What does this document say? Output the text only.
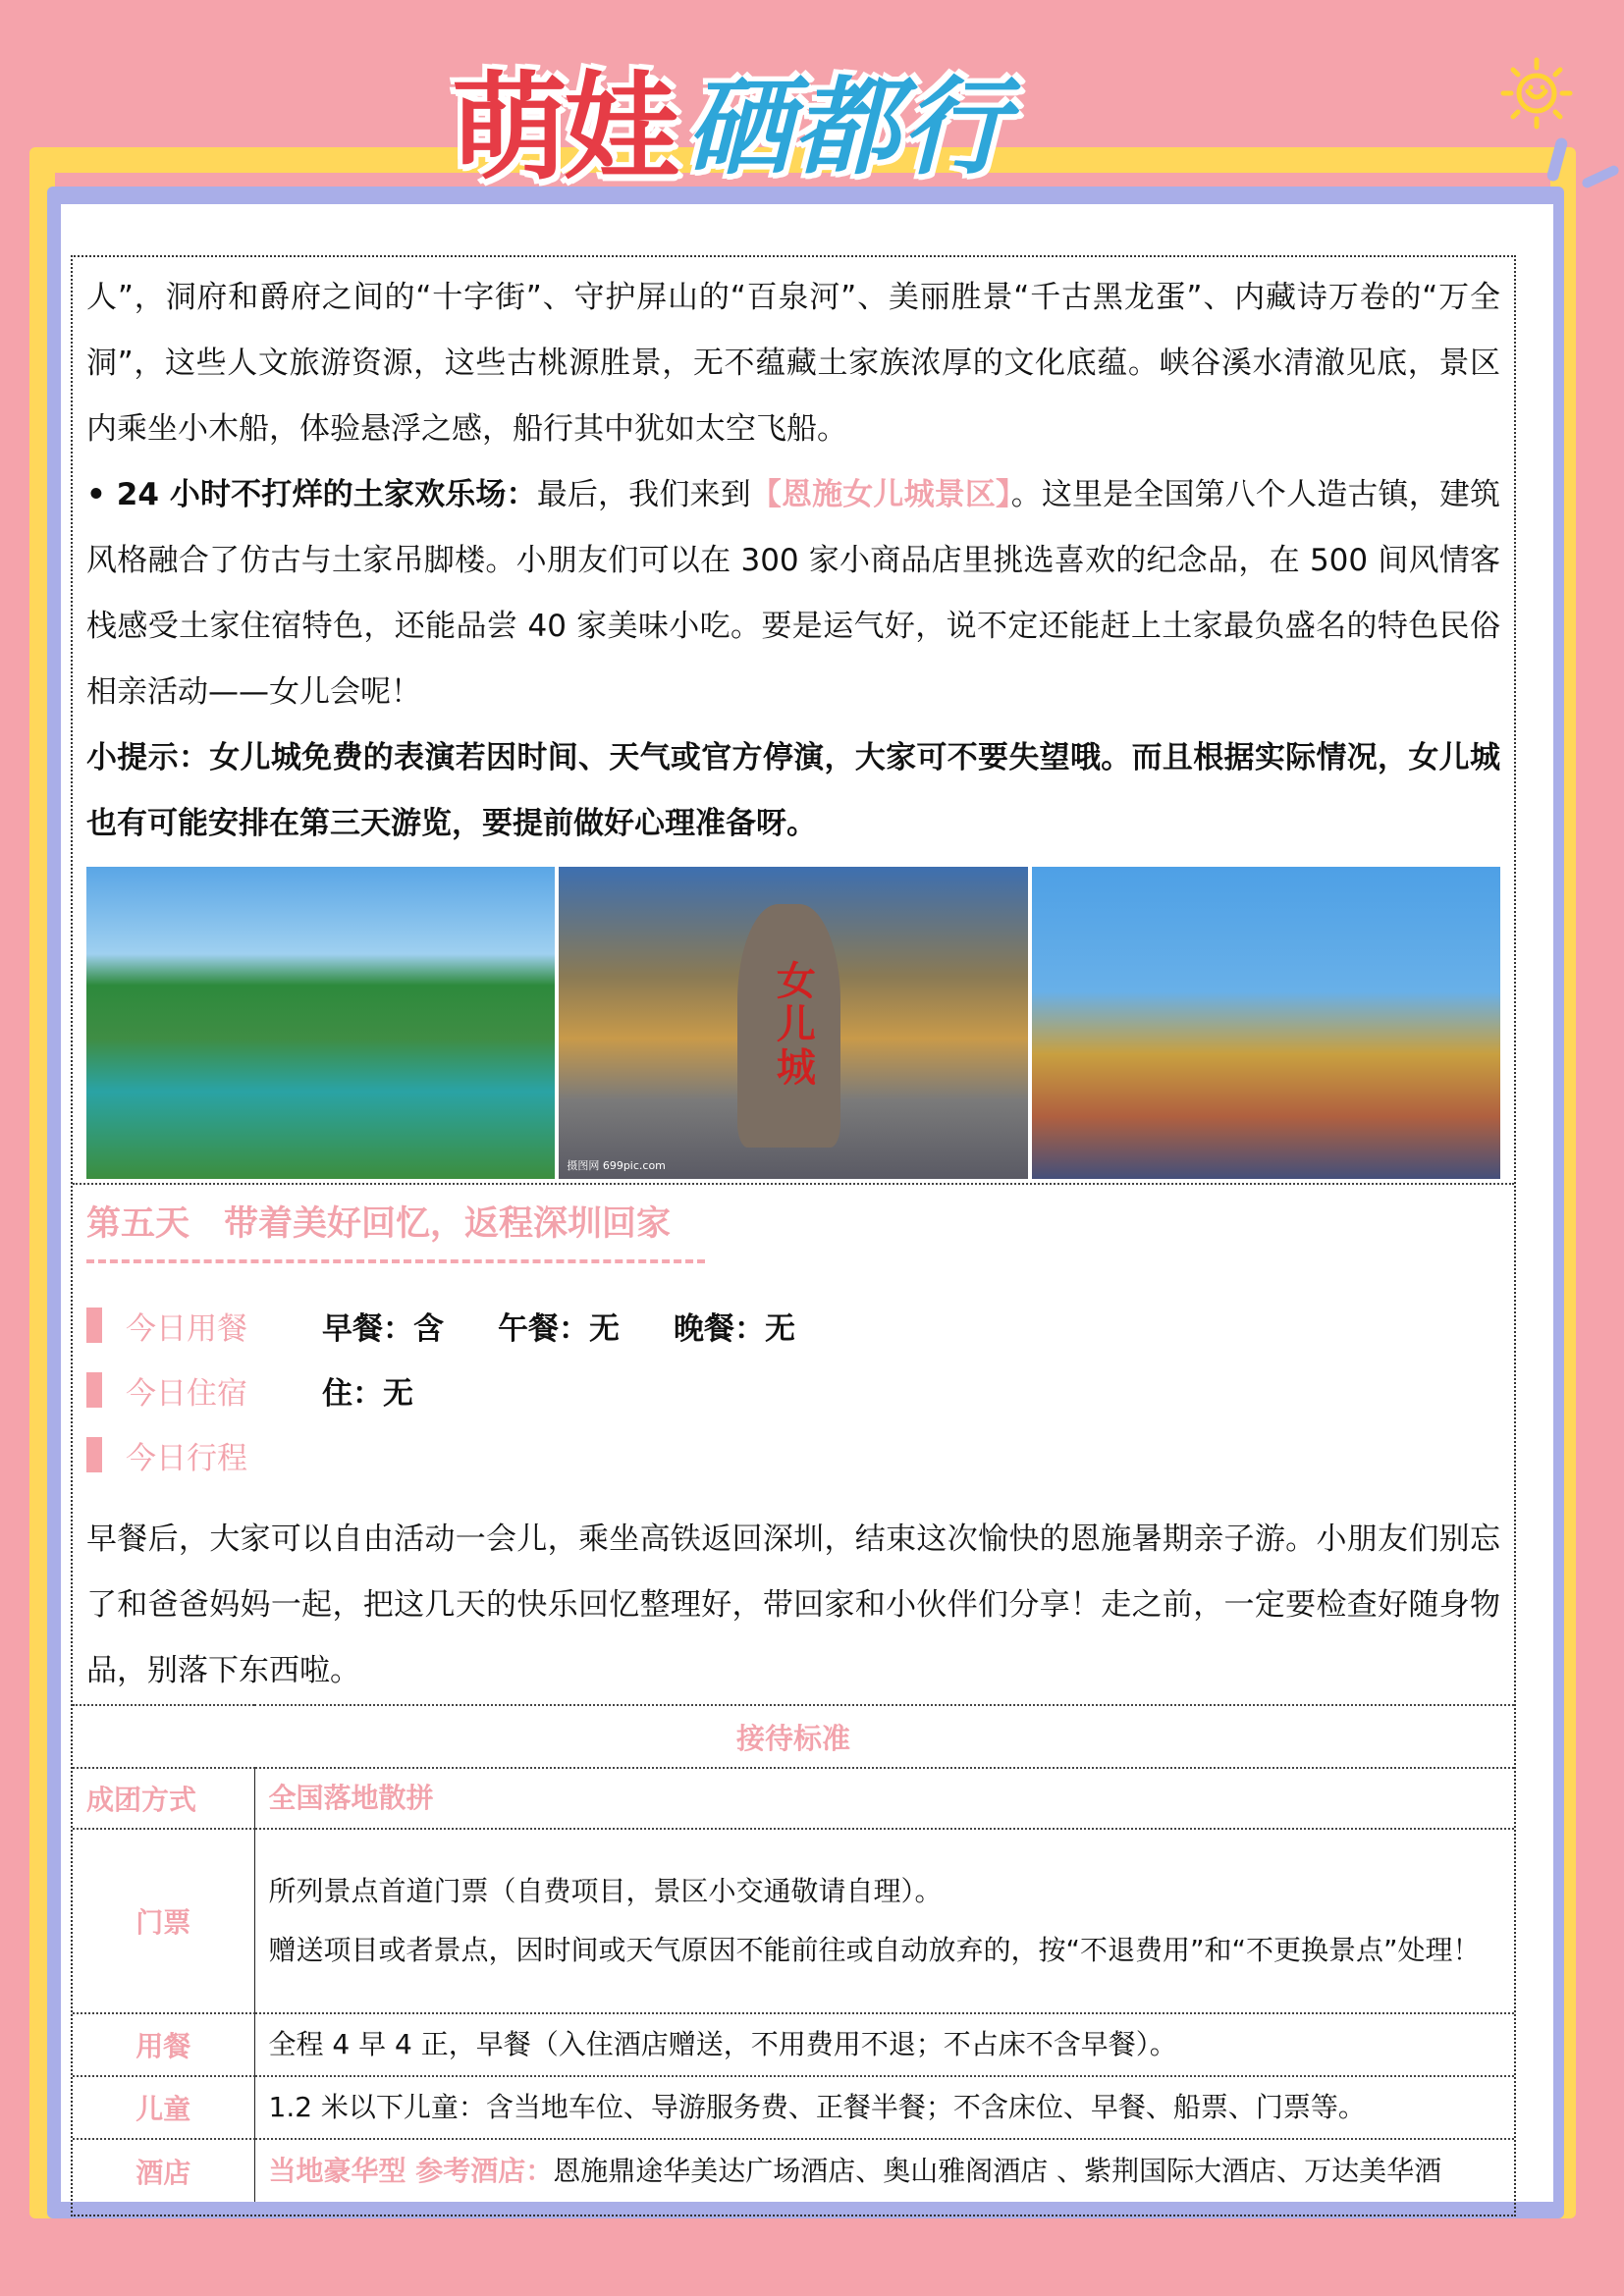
萌娃 硒都行
人”，洞府和爵府之间的“十字街”、守护屏山的“百泉河”、美丽胜景“千古黑龙蛋”、内藏诗万卷的“万全洞”，这些人文旅游资源，这些古桃源胜景，无不蕴藏土家族浓厚的文化底蕴。峡谷溪水清澈见底，景区内乘坐小木船，体验悬浮之感，船行其中犹如太空飞船。
• 24 小时不打烊的土家欢乐场：最后，我们来到【恩施女儿城景区】。这里是全国第八个人造古镇，建筑风格融合了仿古与土家吊脚楼。小朋友们可以在 300 家小商品店里挑选喜欢的纪念品，在 500 间风情客栈感受土家住宿特色，还能品尝 40 家美味小吃。要是运气好，说不定还能赶上土家最负盛名的特色民俗相亲活动——女儿会呢！
小提示：女儿城免费的表演若因时间、天气或官方停演，大家可不要失望哦。而且根据实际情况，女儿城也有可能安排在第三天游览，要提前做好心理准备呀。
女儿城
摄图网 699pic.com
第五天　带着美好回忆，返程深圳回家
今日用餐	早餐：含 午餐：无 晚餐：无
今日住宿	住：无
今日行程
早餐后，大家可以自由活动一会儿，乘坐高铁返回深圳，结束这次愉快的恩施暑期亲子游。小朋友们别忘了和爸爸妈妈一起，把这几天的快乐回忆整理好，带回家和小伙伴们分享！走之前，一定要检查好随身物品，别落下东西啦。
接待标准	
成团方式	全国落地散拼
门票	所列景点首道门票（自费项目，景区小交通敬请自理）。
赠送项目或者景点，因时间或天气原因不能前往或自动放弃的，按“不退费用”和“不更换景点”处理！

用餐	全程 4 早 4 正，早餐（入住酒店赠送，不用费用不退；不占床不含早餐）。
儿童	1.2 米以下儿童：含当地车位、导游服务费、正餐半餐；不含床位、早餐、船票、门票等。
酒店	当地豪华型 参考酒店：恩施鼎途华美达广场酒店、奥山雅阁酒店 、紫荆国际大酒店、万达美华酒
